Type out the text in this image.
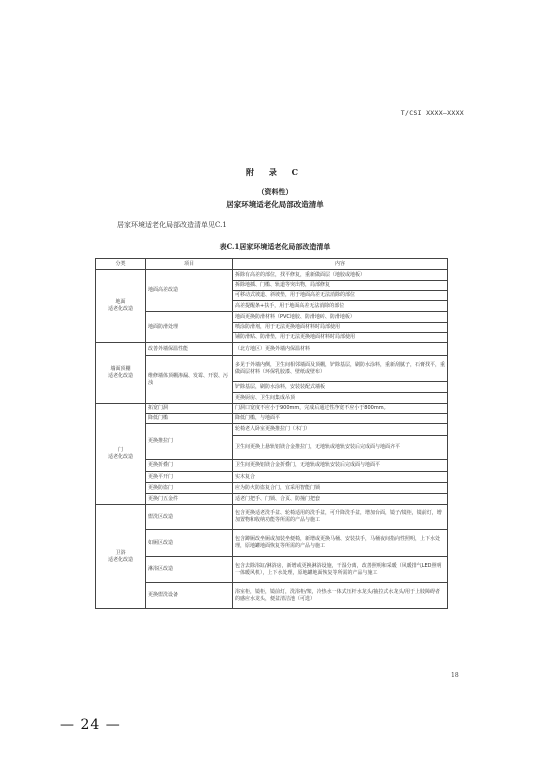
T/CSI XXXX—XXXX
附 录 C
（资料性）
居家环境适老化局部改造清单
居家环境适老化局部改造清单见C.1
表C.1居家环境适老化局部改造清单
分类	项目	内容
地面
适老化改造	地面高差改造	拆除有高差的部位，找平修复，重新做面层（地胶或地板）
		拆除地插、门槛、轨道等突出物，局部修复
		可移动式坡道、斜坡垫，用于地面高差无法消除的部位
		高差提醒条+扶手，用于地面高差无法消除的部位
	地面防滑处理	地面更换防滑材料（PVC地胶、防滑地砖、防滑地板）
		喷涂防滑剂，用于无法更换地面材料时局部使用
		铺防滑贴、防滑垫，用于无法更换地面材料时局部使用
墙面顶棚
适老化改造	改善外墙保温性能	（北方地区）更换外墙内保温材料
	维修墙体顶棚渗漏、发霉、开裂、污浊	多见于外墙内侧，卫生间相邻墙面及顶棚，铲除基层，刷防水涂料，重新刮腻子，石膏找平，重做面层材料（环保乳胶漆、壁纸或壁布）
		铲除基层，刷防水涂料，安装装配式墙板
		更换厨房、卫生间集成吊顶
门
适老化改造	拓宽门洞	门洞口宽度不应小于900mm，完成后通过性净宽不应小于800mm。
	降低门槛	降低门槛，与地面平
	更换推拉门	轮椅老人卧室更换推拉门（木门）
		卫生间更换上悬轨铝镁合金推拉门，无地轨或地轨安装后完成面与地面齐平
	更换折叠门	卫生间更换铝镁合金折叠门，无地轨或地轨安装后完成面与地面平
	更换平开门	实木复合
	更换防盗门	应为防火防盗复合门，宜采用智能门锁
	更换门五金件	适老门把手、门锁、合页、防撞门把套
卫浴
适老化改造	盥洗区改造	包含更换适老洗手盆、轮椅适用的洗手盆，可升降洗手盆，增加台面，镜子/镜柜，镜前灯，增加置物和收纳功能等所需的产品与施工
	如厕区改造	包含蹲厕改坐厕或加装坐便椅，新增或更换马桶、安装扶手，马桶夜间指向性照明，上下水处理，原地罐地面恢复等所需的产品与施工
	淋浴区改造	包含去除浴缸/淋浴房，新增或更换淋浴设施，干湿分离，改善照明和采暖（风暖排气LED照明一体暖风机），上下水处理，原地罐地面恢复等所需的产品与施工
	更换盥洗设备	浴室柜，镜柜，镜前灯，洗浴柜/架，冷热水一体式压杆水龙头/抽拉式水龙头/用于上肢障碍者的感应水龙头，便盆清洁池（可选）
18
— 24 —
